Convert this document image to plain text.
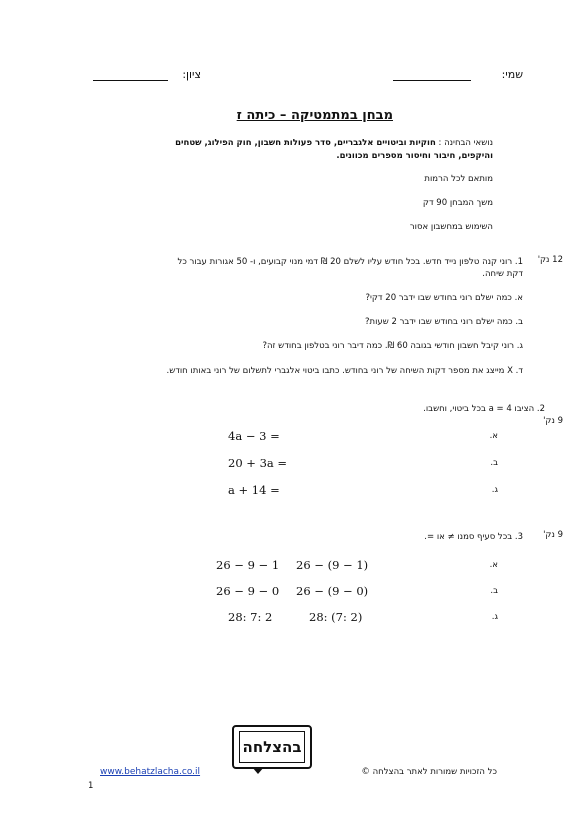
שמי:
ציון:
מבחן במתמטיקה – כיתה ז
נושאי הבחינה : חוקיות וביטויים אלגבריים, סדר פעולות חשבון, חוק הפילוג, שטחים
והיקפים, חיבור וחיסור מספרים מכוונים.
מותאם לכל הרמות
משך המבחן 90 דק
השימוש במחשבון אסור
12 נק'
1. רוני קנה טלפון נייד חדש. בכל חודש עליו לשלם 20 ₪ דמי מנוי קבועים, ו- 50 אגורות עבור כל
דקת שיחה.
א. כמה ישלם רוני בחודש שבו ידבר 20 דקי?
ב. כמה ישלם רוני בחודש שבו ידבר 2 שעות?
ג. רוני קיבל חשבון חודשי בגובה 60 ₪. כמה דיבר רוני בטלפון בחודש זה?
ד. X מייצג את מספר דקות השיחה של רוני בחודש. כתבו ביטוי אלגברי לתשלום של רוני באותו חודש.
2. הציבו 4 = a בכל ביטוי, וחשבו.
9 נק'
א.
4a − 3 =
ב.
20 + 3a =
ג.
a + 14 =
3. בכל סעיף סמנו ≠ או =. 9 נק'
א.
26 − (9 − 1)
26 − 9 − 1
ב.
26 − (9 − 0)
26 − 9 − 0
ג.
28: (7: 2)
28: 7: 2
בהצלחה
www.behatzlacha.co.il	כל הזכויות שמורות לאתר בהצלחה ©
1
